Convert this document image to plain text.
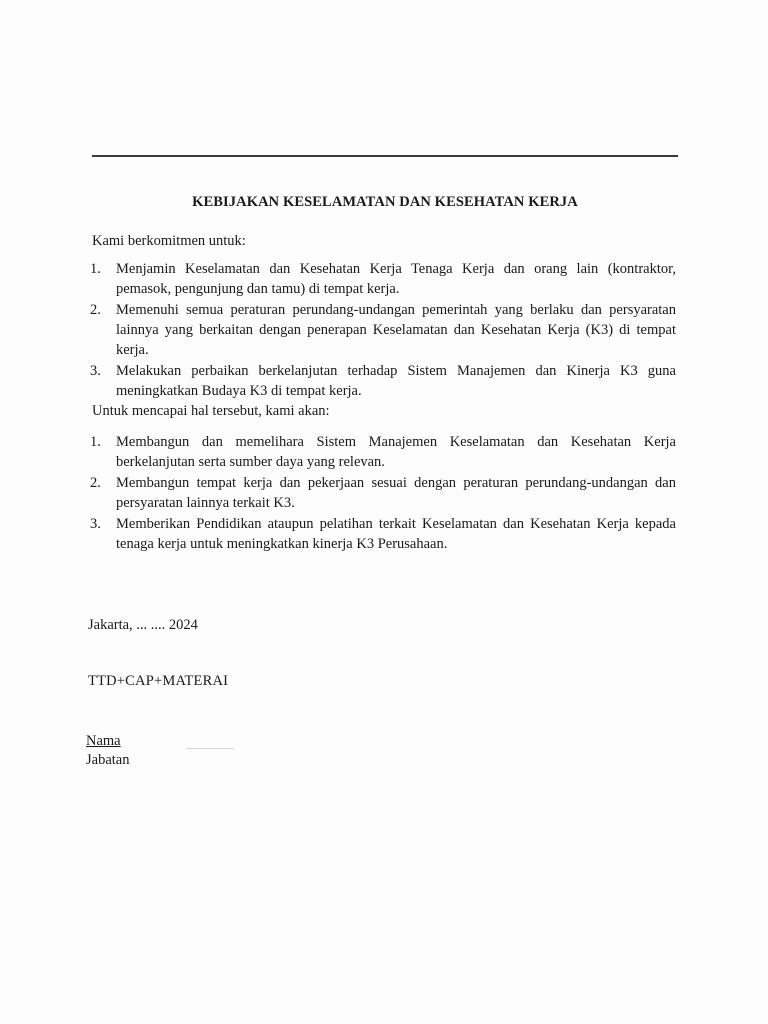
KEBIJAKAN KESELAMATAN DAN KESEHATAN KERJA
Kami berkomitmen untuk:
1. Menjamin Keselamatan dan Kesehatan Kerja Tenaga Kerja dan orang lain (kontraktor, pemasok, pengunjung dan tamu) di tempat kerja.
2. Memenuhi semua peraturan perundang-undangan pemerintah yang berlaku dan persyaratan lainnya yang berkaitan dengan penerapan Keselamatan dan Kesehatan Kerja (K3) di tempat kerja.
3. Melakukan perbaikan berkelanjutan terhadap Sistem Manajemen dan Kinerja K3 guna meningkatkan Budaya K3 di tempat kerja.
Untuk mencapai hal tersebut, kami akan:
1. Membangun dan memelihara Sistem Manajemen Keselamatan dan Kesehatan Kerja berkelanjutan serta sumber daya yang relevan.
2. Membangun tempat kerja dan pekerjaan sesuai dengan peraturan perundang-undangan dan persyaratan lainnya terkait K3.
3. Memberikan Pendidikan ataupun pelatihan terkait Keselamatan dan Kesehatan Kerja kepada tenaga kerja untuk meningkatkan kinerja K3 Perusahaan.
Jakarta, ... .... 2024
TTD+CAP+MATERAI
Nama
Jabatan
